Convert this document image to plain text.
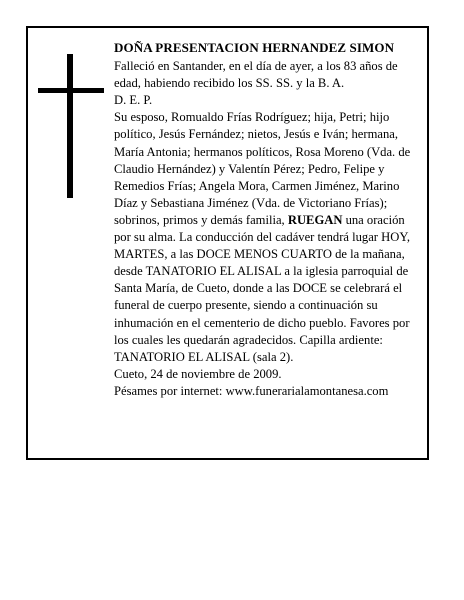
DOÑA PRESENTACION HERNANDEZ SIMON

Falleció en Santander, en el día de ayer, a los 83 años de edad, habiendo recibido los SS. SS. y la B. A.

D. E. P.

Su esposo, Romualdo Frías Rodríguez; hija, Petri; hijo político, Jesús Fernández; nietos, Jesús e Iván; hermana, María Antonia; hermanos políticos, Rosa Moreno (Vda. de Claudio Hernández) y Valentín Pérez; Pedro, Felipe y Remedios Frías; Angela Mora, Carmen Jiménez, Marino Díaz y Sebastiana Jiménez (Vda. de Victoriano Frías); sobrinos, primos y demás familia, RUEGAN una oración por su alma. La conducción del cadáver tendrá lugar HOY, MARTES, a las DOCE MENOS CUARTO de la mañana, desde TANATORIO EL ALISAL a la iglesia parroquial de Santa María, de Cueto, donde a las DOCE se celebrará el funeral de cuerpo presente, siendo a continuación su inhumación en el cementerio de dicho pueblo. Favores por los cuales les quedarán agradecidos. Capilla ardiente:

TANATORIO EL ALISAL (sala 2).

Cueto, 24 de noviembre de 2009.

Pésames por internet: www.funerarialamontanesa.com
